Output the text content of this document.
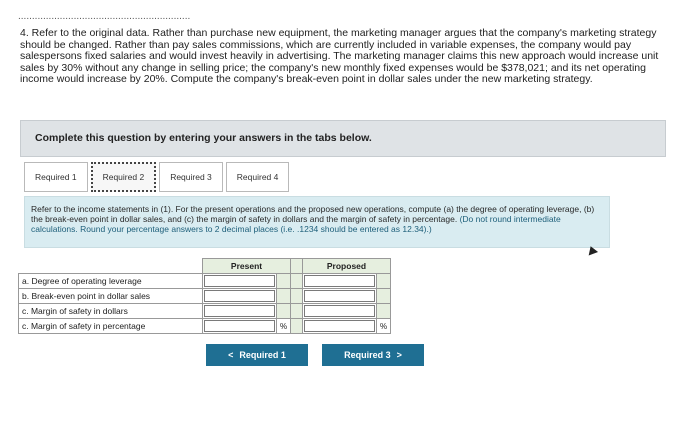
..............................................................
4. Refer to the original data. Rather than purchase new equipment, the marketing manager argues that the company's marketing strategy should be changed. Rather than pay sales commissions, which are currently included in variable expenses, the company would pay salespersons fixed salaries and would invest heavily in advertising. The marketing manager claims this new approach would increase unit sales by 30% without any change in selling price; the company's new monthly fixed expenses would be $378,021; and its net operating income would increase by 20%. Compute the company's break-even point in dollar sales under the new marketing strategy.
Complete this question by entering your answers in the tabs below.
Required 1	Required 2	Required 3	Required 4
Refer to the income statements in (1). For the present operations and the proposed new operations, compute (a) the degree of operating leverage, (b) the break-even point in dollar sales, and (c) the margin of safety in dollars and the margin of safety in percentage. (Do not round intermediate calculations. Round your percentage answers to 2 decimal places (i.e. .1234 should be entered as 12.34).)
	Present			Proposed	
a. Degree of operating leverage					
b. Break-even point in dollar sales					
c. Margin of safety in dollars					
c. Margin of safety in percentage		%			%
< Required 1	Required 3 >
